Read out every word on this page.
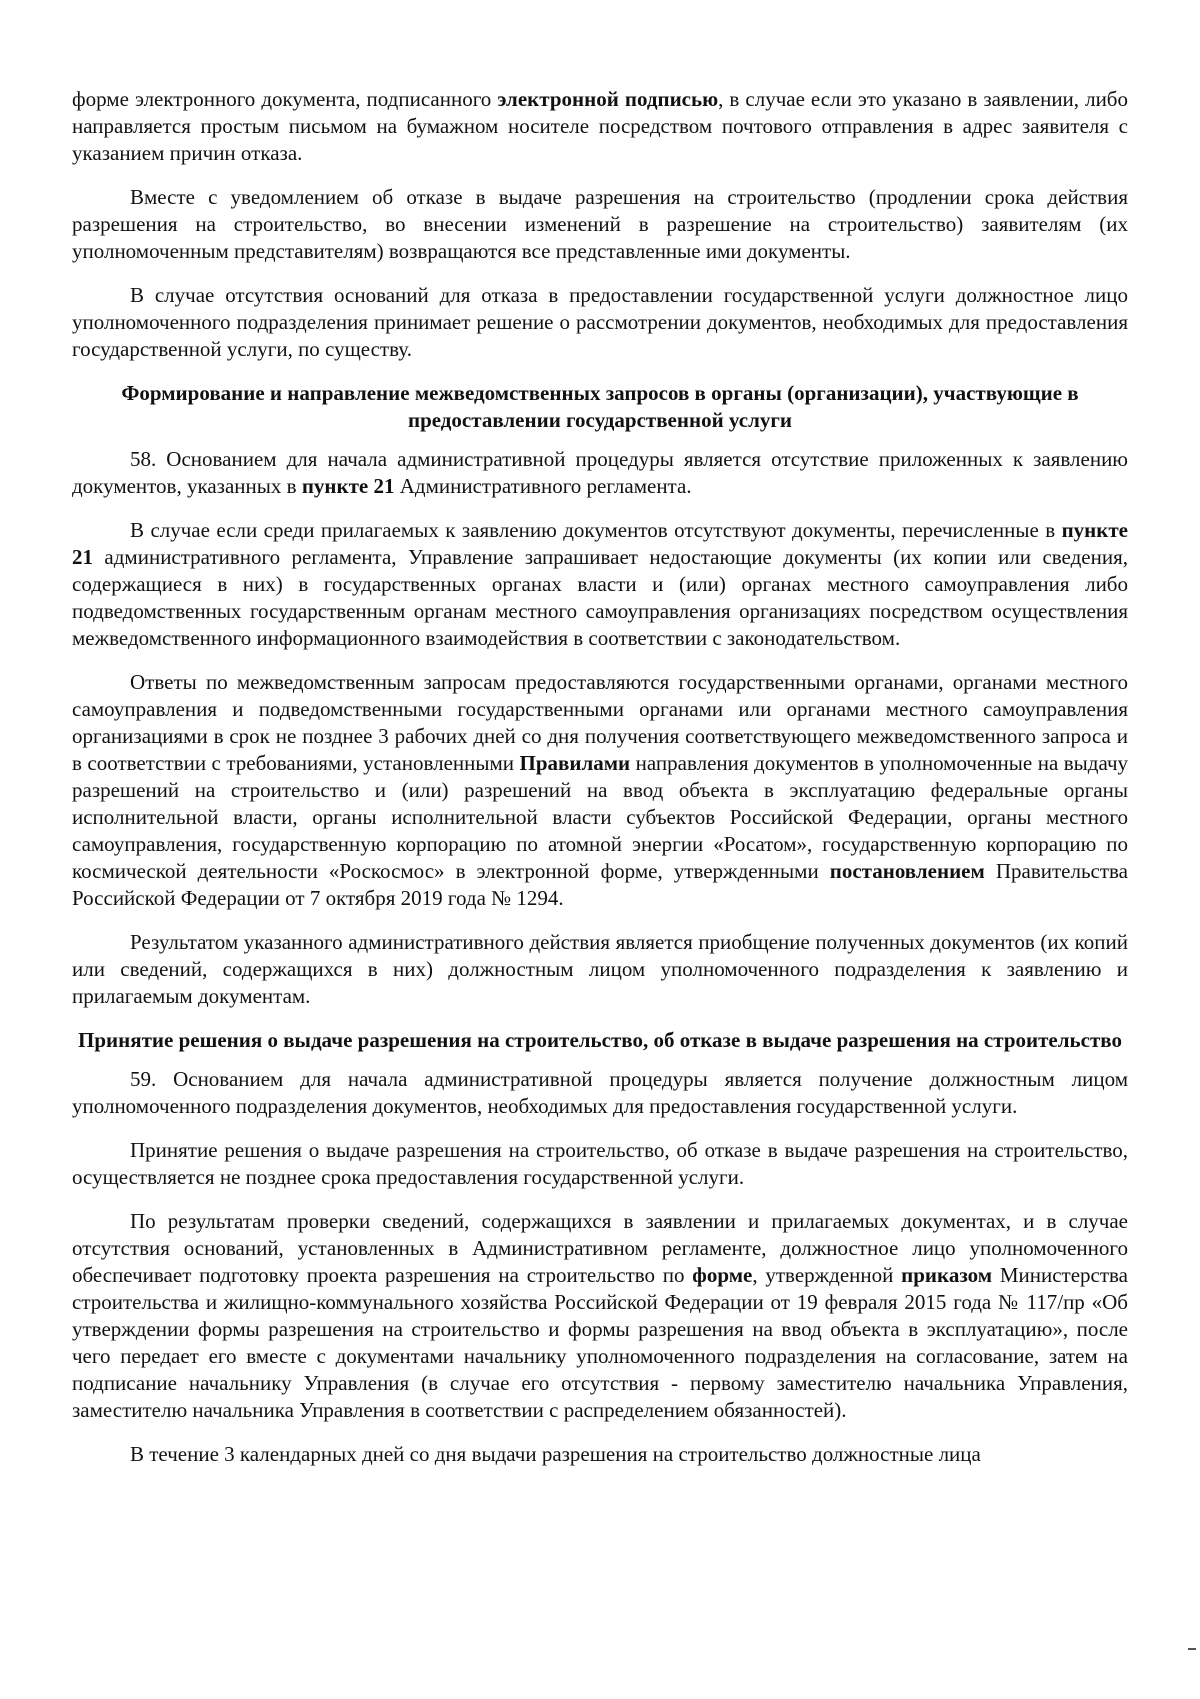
форме электронного документа, подписанного электронной подписью, в случае если это указано в заявлении, либо направляется простым письмом на бумажном носителе посредством почтового отправления в адрес заявителя с указанием причин отказа.

Вместе с уведомлением об отказе в выдаче разрешения на строительство (продлении срока действия разрешения на строительство, во внесении изменений в разрешение на строительство) заявителям (их уполномоченным представителям) возвращаются все представленные ими документы.

В случае отсутствия оснований для отказа в предоставлении государственной услуги должностное лицо уполномоченного подразделения принимает решение о рассмотрении документов, необходимых для предоставления государственной услуги, по существу.

Формирование и направление межведомственных запросов в органы (организации), участвующие в предоставлении государственной услуги

58. Основанием для начала административной процедуры является отсутствие приложенных к заявлению документов, указанных в пункте 21 Административного регламента.

В случае если среди прилагаемых к заявлению документов отсутствуют документы, перечисленные в пункте 21 административного регламента, Управление запрашивает недостающие документы (их копии или сведения, содержащиеся в них) в государственных органах власти и (или) органах местного самоуправления либо подведомственных государственным органам местного самоуправления организациях посредством осуществления межведомственного информационного взаимодействия в соответствии с законодательством.

Ответы по межведомственным запросам предоставляются государственными органами, органами местного самоуправления и подведомственными государственными органами или органами местного самоуправления организациями в срок не позднее 3 рабочих дней со дня получения соответствующего межведомственного запроса и в соответствии с требованиями, установленными Правилами направления документов в уполномоченные на выдачу разрешений на строительство и (или) разрешений на ввод объекта в эксплуатацию федеральные органы исполнительной власти, органы исполнительной власти субъектов Российской Федерации, органы местного самоуправления, государственную корпорацию по атомной энергии «Росатом», государственную корпорацию по космической деятельности «Роскосмос» в электронной форме, утвержденными постановлением Правительства Российской Федерации от 7 октября 2019 года № 1294.

Результатом указанного административного действия является приобщение полученных документов (их копий или сведений, содержащихся в них) должностным лицом уполномоченного подразделения к заявлению и прилагаемым документам.

Принятие решения о выдаче разрешения на строительство, об отказе в выдаче разрешения на строительство

59. Основанием для начала административной процедуры является получение должностным лицом уполномоченного подразделения документов, необходимых для предоставления государственной услуги.

Принятие решения о выдаче разрешения на строительство, об отказе в выдаче разрешения на строительство, осуществляется не позднее срока предоставления государственной услуги.

По результатам проверки сведений, содержащихся в заявлении и прилагаемых документах, и в случае отсутствия оснований, установленных в Административном регламенте, должностное лицо уполномоченного обеспечивает подготовку проекта разрешения на строительство по форме, утвержденной приказом Министерства строительства и жилищно-коммунального хозяйства Российской Федерации от 19 февраля 2015 года № 117/пр «Об утверждении формы разрешения на строительство и формы разрешения на ввод объекта в эксплуатацию», после чего передает его вместе с документами начальнику уполномоченного подразделения на согласование, затем на подписание начальнику Управления (в случае его отсутствия - первому заместителю начальника Управления, заместителю начальника Управления в соответствии с распределением обязанностей).

В течение 3 календарных дней со дня выдачи разрешения на строительство должностные лица
